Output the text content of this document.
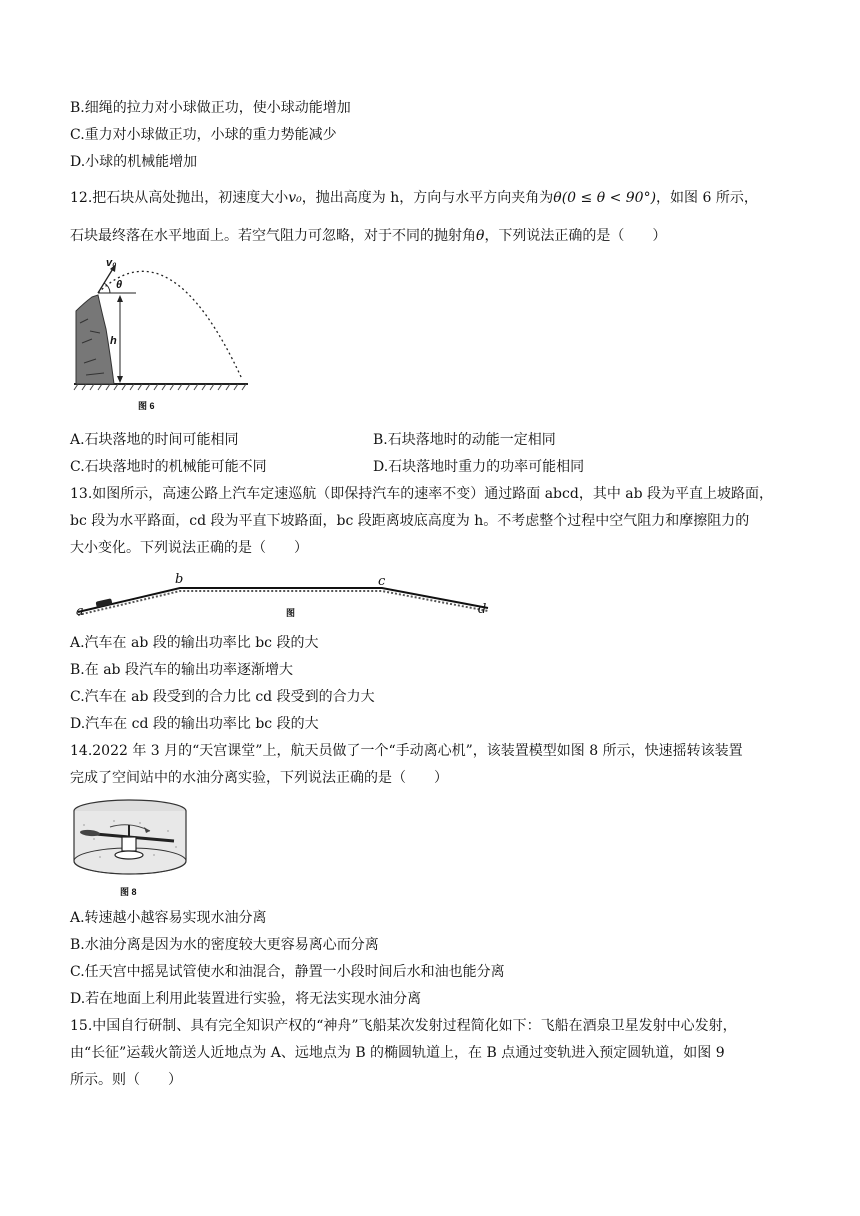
B.细绳的拉力对小球做正功，使小球动能增加
C.重力对小球做正功，小球的重力势能减少
D.小球的机械能增加
12.把石块从高处抛出，初速度大小v₀，抛出高度为 h，方向与水平方向夹角为θ(0 ≤ θ < 90°)，如图 6 所示，
石块最终落在水平地面上。若空气阻力可忽略，对于不同的抛射角θ，下列说法正确的是（　　）
v₀
θ
h
图 6
A.石块落地的时间可能相同	B.石块落地时的动能一定相同
C.石块落地时的机械能可能不同	D.石块落地时重力的功率可能相同
13.如图所示，高速公路上汽车定速巡航（即保持汽车的速率不变）通过路面 abcd，其中 ab 段为平直上坡路面，
bc 段为水平路面，cd 段为平直下坡路面，bc 段距离坡底高度为 h。不考虑整个过程中空气阻力和摩擦阻力的
大小变化。下列说法正确的是（　　）
a
b	c
d
图
A.汽车在 ab 段的输出功率比 bc 段的大
B.在 ab 段汽车的输出功率逐渐增大
C.汽车在 ab 段受到的合力比 cd 段受到的合力大
D.汽车在 cd 段的输出功率比 bc 段的大
14.2022 年 3 月的“天宫课堂”上，航天员做了一个“手动离心机”，该装置模型如图 8 所示，快速摇转该装置
完成了空间站中的水油分离实验，下列说法正确的是（　　）
图 8
A.转速越小越容易实现水油分离
B.水油分离是因为水的密度较大更容易离心而分离
C.任天宫中摇晃试管使水和油混合，静置一小段时间后水和油也能分离
D.若在地面上利用此装置进行实验，将无法实现水油分离
15.中国自行研制、具有完全知识产权的“神舟”飞船某次发射过程简化如下：飞船在酒泉卫星发射中心发射，
由“长征”运载火箭送人近地点为 A、远地点为 B 的椭圆轨道上，在 B 点通过变轨进入预定圆轨道，如图 9
所示。则（　　）
